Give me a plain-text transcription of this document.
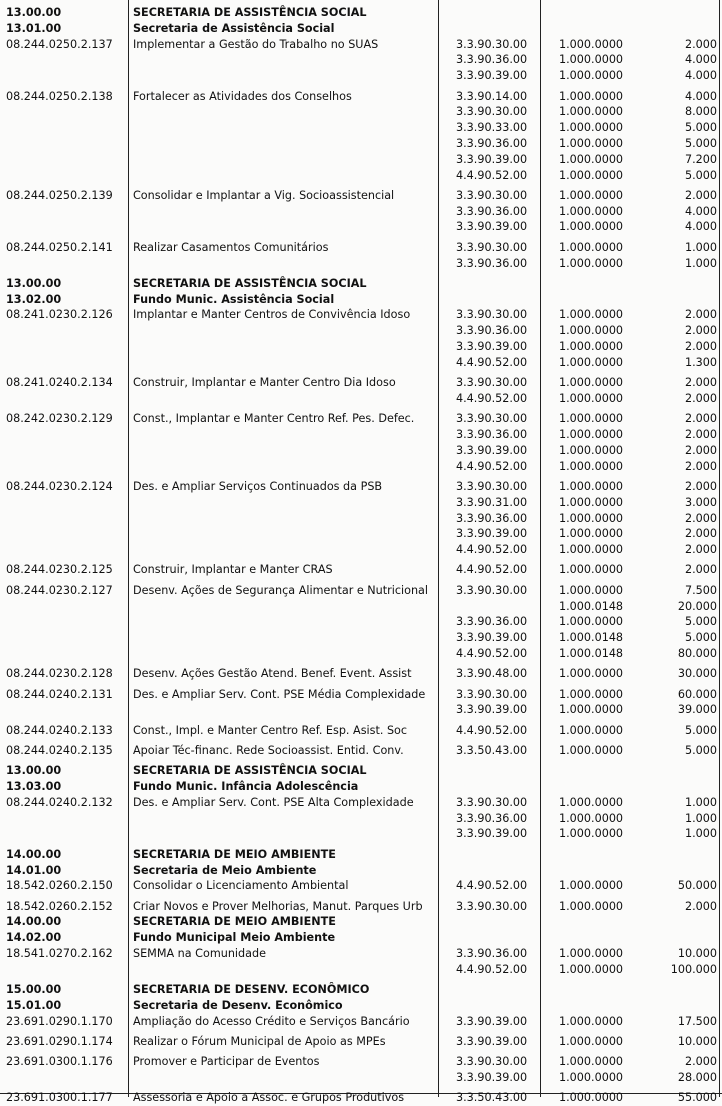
13.00.00	SECRETARIA DE ASSISTÊNCIA SOCIAL
13.01.00	Secretaria de Assistência Social
08.244.0250.2.137	Implementar a Gestão do Trabalho no SUAS	3.3.90.30.00	1.000.0000	2.000
3.3.90.36.00	1.000.0000	4.000
3.3.90.39.00	1.000.0000	4.000
08.244.0250.2.138	Fortalecer as Atividades dos Conselhos	3.3.90.14.00	1.000.0000	4.000
3.3.90.30.00	1.000.0000	8.000
3.3.90.33.00	1.000.0000	5.000
3.3.90.36.00	1.000.0000	5.000
3.3.90.39.00	1.000.0000	7.200
4.4.90.52.00	1.000.0000	5.000
08.244.0250.2.139	Consolidar e Implantar a Vig. Socioassistencial	3.3.90.30.00	1.000.0000	2.000
3.3.90.36.00	1.000.0000	4.000
3.3.90.39.00	1.000.0000	4.000
08.244.0250.2.141	Realizar Casamentos Comunitários	3.3.90.30.00	1.000.0000	1.000
3.3.90.36.00	1.000.0000	1.000
13.00.00	SECRETARIA DE ASSISTÊNCIA SOCIAL
13.02.00	Fundo Munic. Assistência Social
08.241.0230.2.126	Implantar e Manter Centros de Convivência Idoso	3.3.90.30.00	1.000.0000	2.000
3.3.90.36.00	1.000.0000	2.000
3.3.90.39.00	1.000.0000	2.000
4.4.90.52.00	1.000.0000	1.300
08.241.0240.2.134	Construir, Implantar e Manter Centro Dia Idoso	3.3.90.30.00	1.000.0000	2.000
4.4.90.52.00	1.000.0000	2.000
08.242.0230.2.129	Const., Implantar e Manter Centro Ref. Pes. Defec.	3.3.90.30.00	1.000.0000	2.000
3.3.90.36.00	1.000.0000	2.000
3.3.90.39.00	1.000.0000	2.000
4.4.90.52.00	1.000.0000	2.000
08.244.0230.2.124	Des. e Ampliar Serviços Continuados da PSB	3.3.90.30.00	1.000.0000	2.000
3.3.90.31.00	1.000.0000	3.000
3.3.90.36.00	1.000.0000	2.000
3.3.90.39.00	1.000.0000	2.000
4.4.90.52.00	1.000.0000	2.000
08.244.0230.2.125	Construir, Implantar e Manter CRAS	4.4.90.52.00	1.000.0000	2.000
08.244.0230.2.127	Desenv. Ações de Segurança Alimentar e Nutricional	3.3.90.30.00	1.000.0000	7.500
1.000.0148	20.000
3.3.90.36.00	1.000.0000	5.000
3.3.90.39.00	1.000.0148	5.000
4.4.90.52.00	1.000.0148	80.000
08.244.0230.2.128	Desenv. Ações Gestão Atend. Benef. Event. Assist	3.3.90.48.00	1.000.0000	30.000
08.244.0240.2.131	Des. e Ampliar Serv. Cont. PSE Média Complexidade	3.3.90.30.00	1.000.0000	60.000
3.3.90.39.00	1.000.0000	39.000
08.244.0240.2.133	Const., Impl. e Manter Centro Ref. Esp. Asist. Soc	4.4.90.52.00	1.000.0000	5.000
08.244.0240.2.135	Apoiar Téc-financ. Rede Socioassist. Entid. Conv.	3.3.50.43.00	1.000.0000	5.000
13.00.00	SECRETARIA DE ASSISTÊNCIA SOCIAL
13.03.00	Fundo Munic. Infância Adolescência
08.244.0240.2.132	Des. e Ampliar Serv. Cont. PSE Alta Complexidade	3.3.90.30.00	1.000.0000	1.000
3.3.90.36.00	1.000.0000	1.000
3.3.90.39.00	1.000.0000	1.000
14.00.00	SECRETARIA DE MEIO AMBIENTE
14.01.00	Secretaria de Meio Ambiente
18.542.0260.2.150	Consolidar o Licenciamento Ambiental	4.4.90.52.00	1.000.0000	50.000
18.542.0260.2.152	Criar Novos e Prover Melhorias, Manut. Parques Urb	3.3.90.30.00	1.000.0000	2.000
14.00.00	SECRETARIA DE MEIO AMBIENTE
14.02.00	Fundo Municipal Meio Ambiente
18.541.0270.2.162	SEMMA na Comunidade	3.3.90.36.00	1.000.0000	10.000
4.4.90.52.00	1.000.0000	100.000
15.00.00	SECRETARIA DE DESENV. ECONÔMICO
15.01.00	Secretaria de Desenv. Econômico
23.691.0290.1.170	Ampliação do Acesso Crédito e Serviços Bancário	3.3.90.39.00	1.000.0000	17.500
23.691.0290.1.174	Realizar o Fórum Municipal de Apoio as MPEs	3.3.90.39.00	1.000.0000	10.000
23.691.0300.1.176	Promover e Participar de Eventos	3.3.90.30.00	1.000.0000	2.000
3.3.90.39.00	1.000.0000	28.000
23.691.0300.1.177	Assessoria e Apoio a Assoc. e Grupos Produtivos	3.3.50.43.00	1.000.0000	55.000
